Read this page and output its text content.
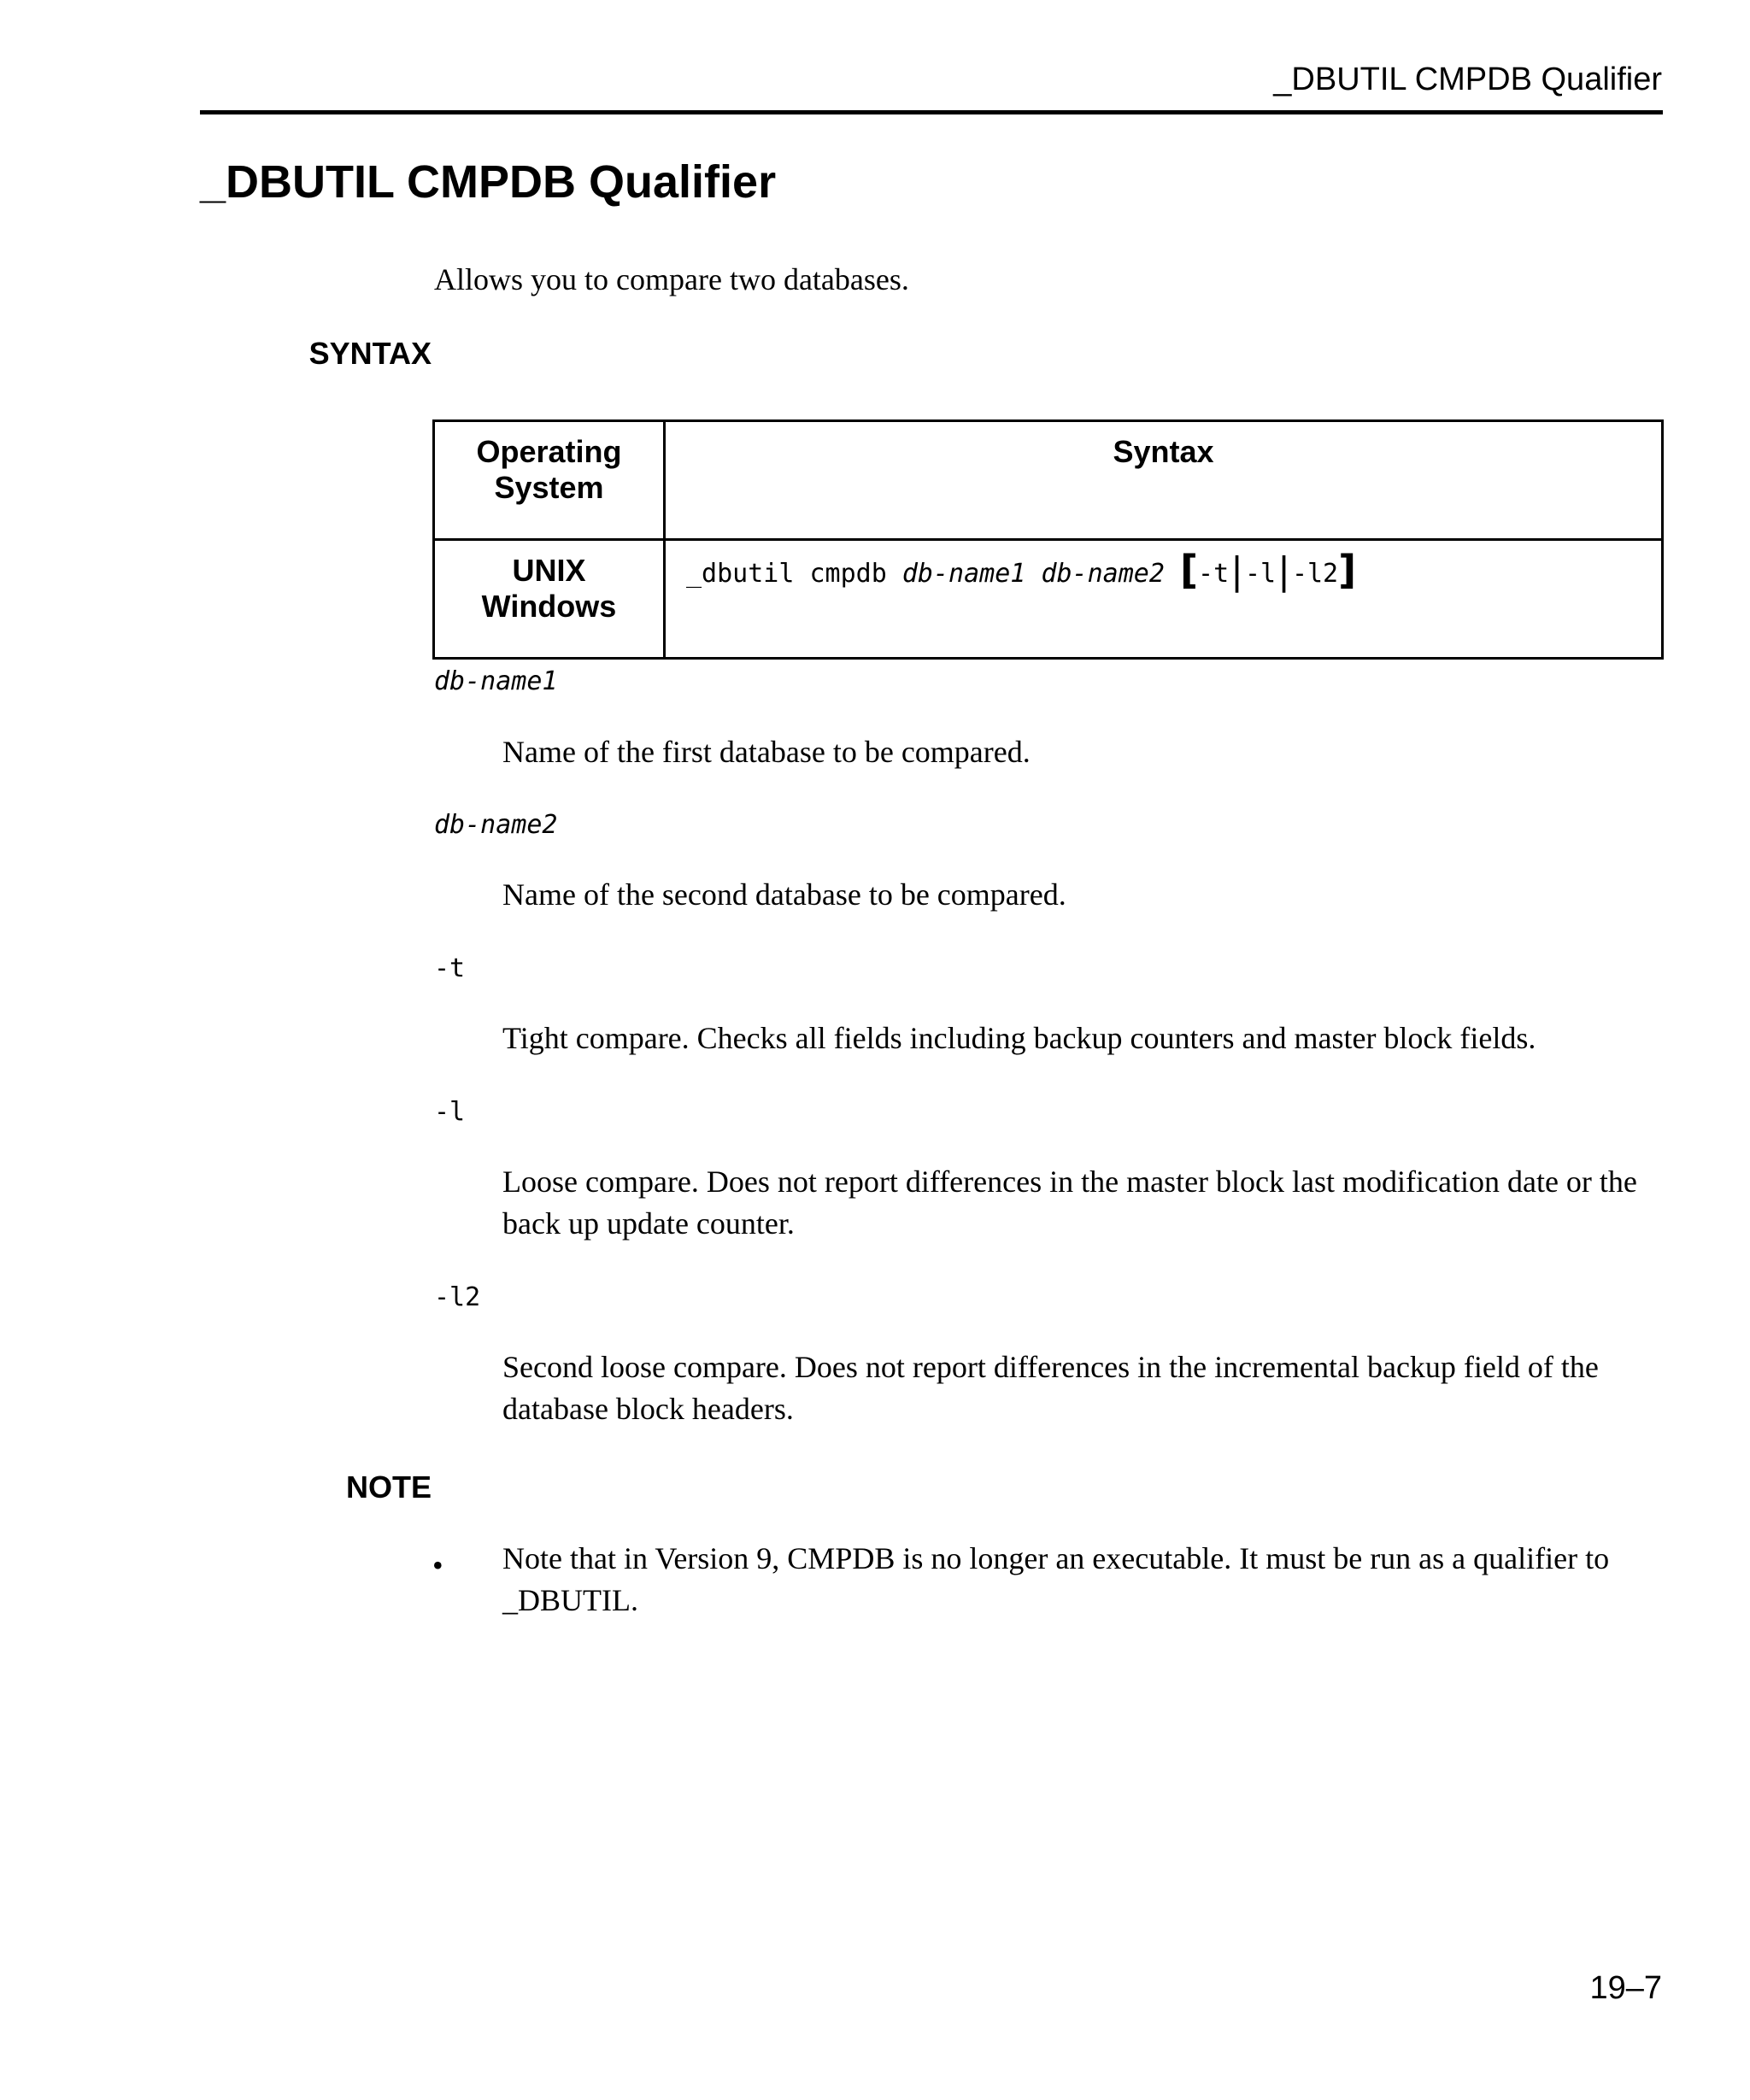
_DBUTIL CMPDB Qualifier
_DBUTIL CMPDB Qualifier

Allows you to compare two databases.

SYNTAX
Operating
System	Syntax

UNIX
Windows	_dbutil cmpdb db-name1 db-name2 [-t|-l|-l2]
db-name1

Name of the first database to be compared.

db-name2

Name of the second database to be compared.

-t

Tight compare. Checks all fields including backup counters and master block fields.

-l

Loose compare. Does not report differences in the master block last modification date or the back up update counter.

-l2

Second loose compare. Does not report differences in the incremental backup field of the database block headers.

NOTE
• Note that in Version 9, CMPDB is no longer an executable. It must be run as a qualifier to _DBUTIL.

19–7
